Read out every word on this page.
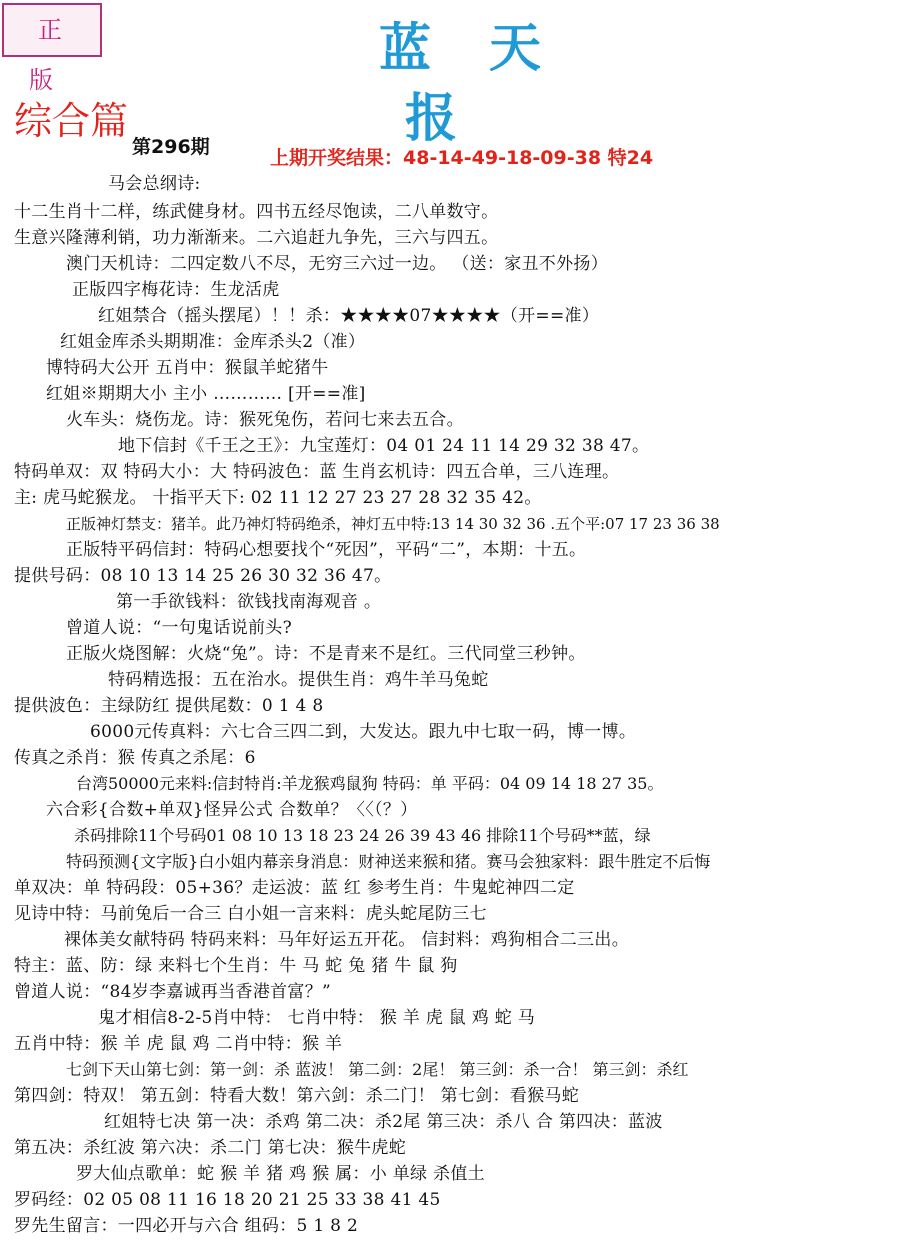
正 版
蓝天报
综合篇
第296期	上期开奖结果：48-14-49-18-09-38 特24
马会总纲诗:
十二生肖十二样，练武健身材。四书五经尽饱读，二八单数守。
生意兴隆薄利销，功力渐渐来。二六追赶九争先，三六与四五。
澳门天机诗：二四定数八不尽，无穷三六过一边。 （送：家丑不外扬）
正版四字梅花诗：生龙活虎
红姐禁合（摇头摆尾）！！杀：★★★★07★★★★（开==准）
红姐金库杀头期期准：金库杀头2（准）
博特码大公开 五肖中：猴鼠羊蛇猪牛
红姐※期期大小 主小 ………… [开==准]
火车头：烧伤龙。诗：猴死兔伤，若问七来去五合。
地下信封《千王之王》：九宝莲灯：04 01 24 11 14 29 32 38 47。
特码单双：双 特码大小：大 特码波色：蓝 生肖玄机诗：四五合单，三八连理。
主: 虎马蛇猴龙。 十指平天下: 02 11 12 27 23 27 28 32 35 42。
正版神灯禁支：猪羊。此乃神灯特码绝杀，神灯五中特:13 14 30 32 36 .五个平:07 17 23 36 38
正版特平码信封：特码心想要找个“死因”，平码“二”，本期：十五。
提供号码：08 10 13 14 25 26 30 32 36 47。
第一手欲钱料：欲钱找南海观音 。
曾道人说：“一句鬼话说前头?
正版火烧图解：火烧“兔”。诗：不是青来不是红。三代同堂三秒钟。
特码精选报：五在治水。提供生肖：鸡牛羊马兔蛇
提供波色：主绿防红 提供尾数：0 1 4 8
6000元传真料：六七合三四二到，大发达。跟九中七取一码，博一博。
传真之杀肖：猴 传真之杀尾：6
台湾50000元来料:信封特肖:羊龙猴鸡鼠狗 特码：单 平码：04 09 14 18 27 35。
六合彩{合数+单双}怪异公式 合数单？〈〈（？）
杀码排除11个号码01 08 10 13 18 23 24 26 39 43 46 排除11个号码**蓝，绿
特码预测{文字版}白小姐内幕亲身消息：财神送来猴和猪。赛马会独家料：跟牛胜定不后悔
单双决：单 特码段：05+36？走运波：蓝 红 参考生肖：牛鬼蛇神四二定
见诗中特：马前兔后一合三 白小姐一言来料：虎头蛇尾防三七
裸体美女献特码 特码来料：马年好运五开花。 信封料：鸡狗相合二三出。
特主：蓝、防：绿 来料七个生肖：牛 马 蛇 兔 猪 牛 鼠 狗
曾道人说：“84岁李嘉诚再当香港首富？”
鬼才相信8-2-5肖中特： 七肖中特： 猴 羊 虎 鼠 鸡 蛇 马
五肖中特：猴 羊 虎 鼠 鸡 二肖中特：猴 羊
七剑下天山第七剑：第一剑：杀 蓝波！ 第二剑：2尾！ 第三剑：杀一合！ 第三剑：杀红
第四剑：特双！ 第五剑：特看大数！第六剑：杀二门！ 第七剑：看猴马蛇
红姐特七决 第一决：杀鸡 第二决：杀2尾 第三决：杀八 合 第四决：蓝波
第五决：杀红波 第六决：杀二门 第七决：猴牛虎蛇
罗大仙点歌单：蛇 猴 羊 猪 鸡 猴 属：小 单绿 杀值土
罗码经：02 05 08 11 16 18 20 21 25 33 38 41 45
罗先生留言：一四必开与六合 组码：5 1 8 2
